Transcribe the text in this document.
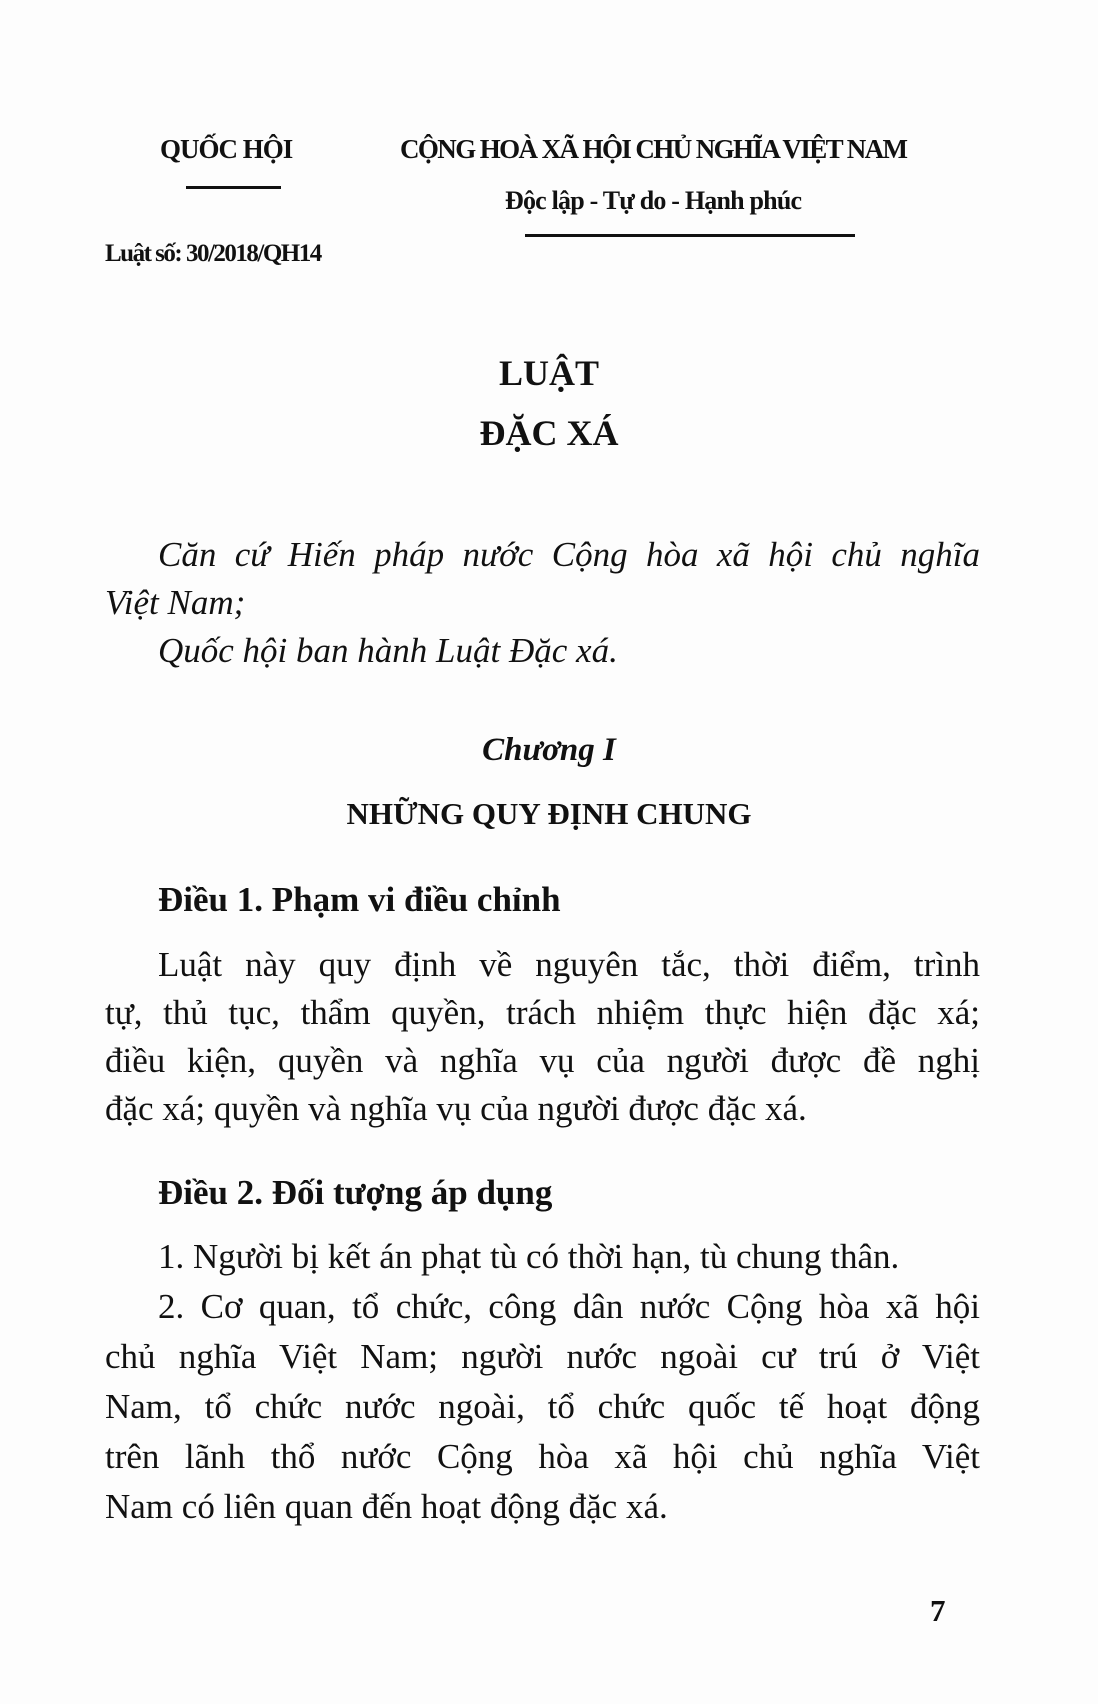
QUỐC HỘI
Luật số: 30/2018/QH14
CỘNG HOÀ XÃ HỘI CHỦ NGHĨA VIỆT NAM
Độc lập - Tự do - Hạnh phúc
LUẬT
ĐẶC XÁ
Căn cứ Hiến pháp nước Cộng hòa xã hội chủ nghĩa
Việt Nam;
Quốc hội ban hành Luật Đặc xá.
Chương I
NHỮNG QUY ĐỊNH CHUNG
Điều 1. Phạm vi điều chỉnh
Luật này quy định về nguyên tắc, thời điểm, trình
tự, thủ tục, thẩm quyền, trách nhiệm thực hiện đặc xá;
điều kiện, quyền và nghĩa vụ của người được đề nghị
đặc xá; quyền và nghĩa vụ của người được đặc xá.
Điều 2. Đối tượng áp dụng
1. Người bị kết án phạt tù có thời hạn, tù chung thân.
2. Cơ quan, tổ chức, công dân nước Cộng hòa xã hội
chủ nghĩa Việt Nam; người nước ngoài cư trú ở Việt
Nam, tổ chức nước ngoài, tổ chức quốc tế hoạt động
trên lãnh thổ nước Cộng hòa xã hội chủ nghĩa Việt
Nam có liên quan đến hoạt động đặc xá.
7
